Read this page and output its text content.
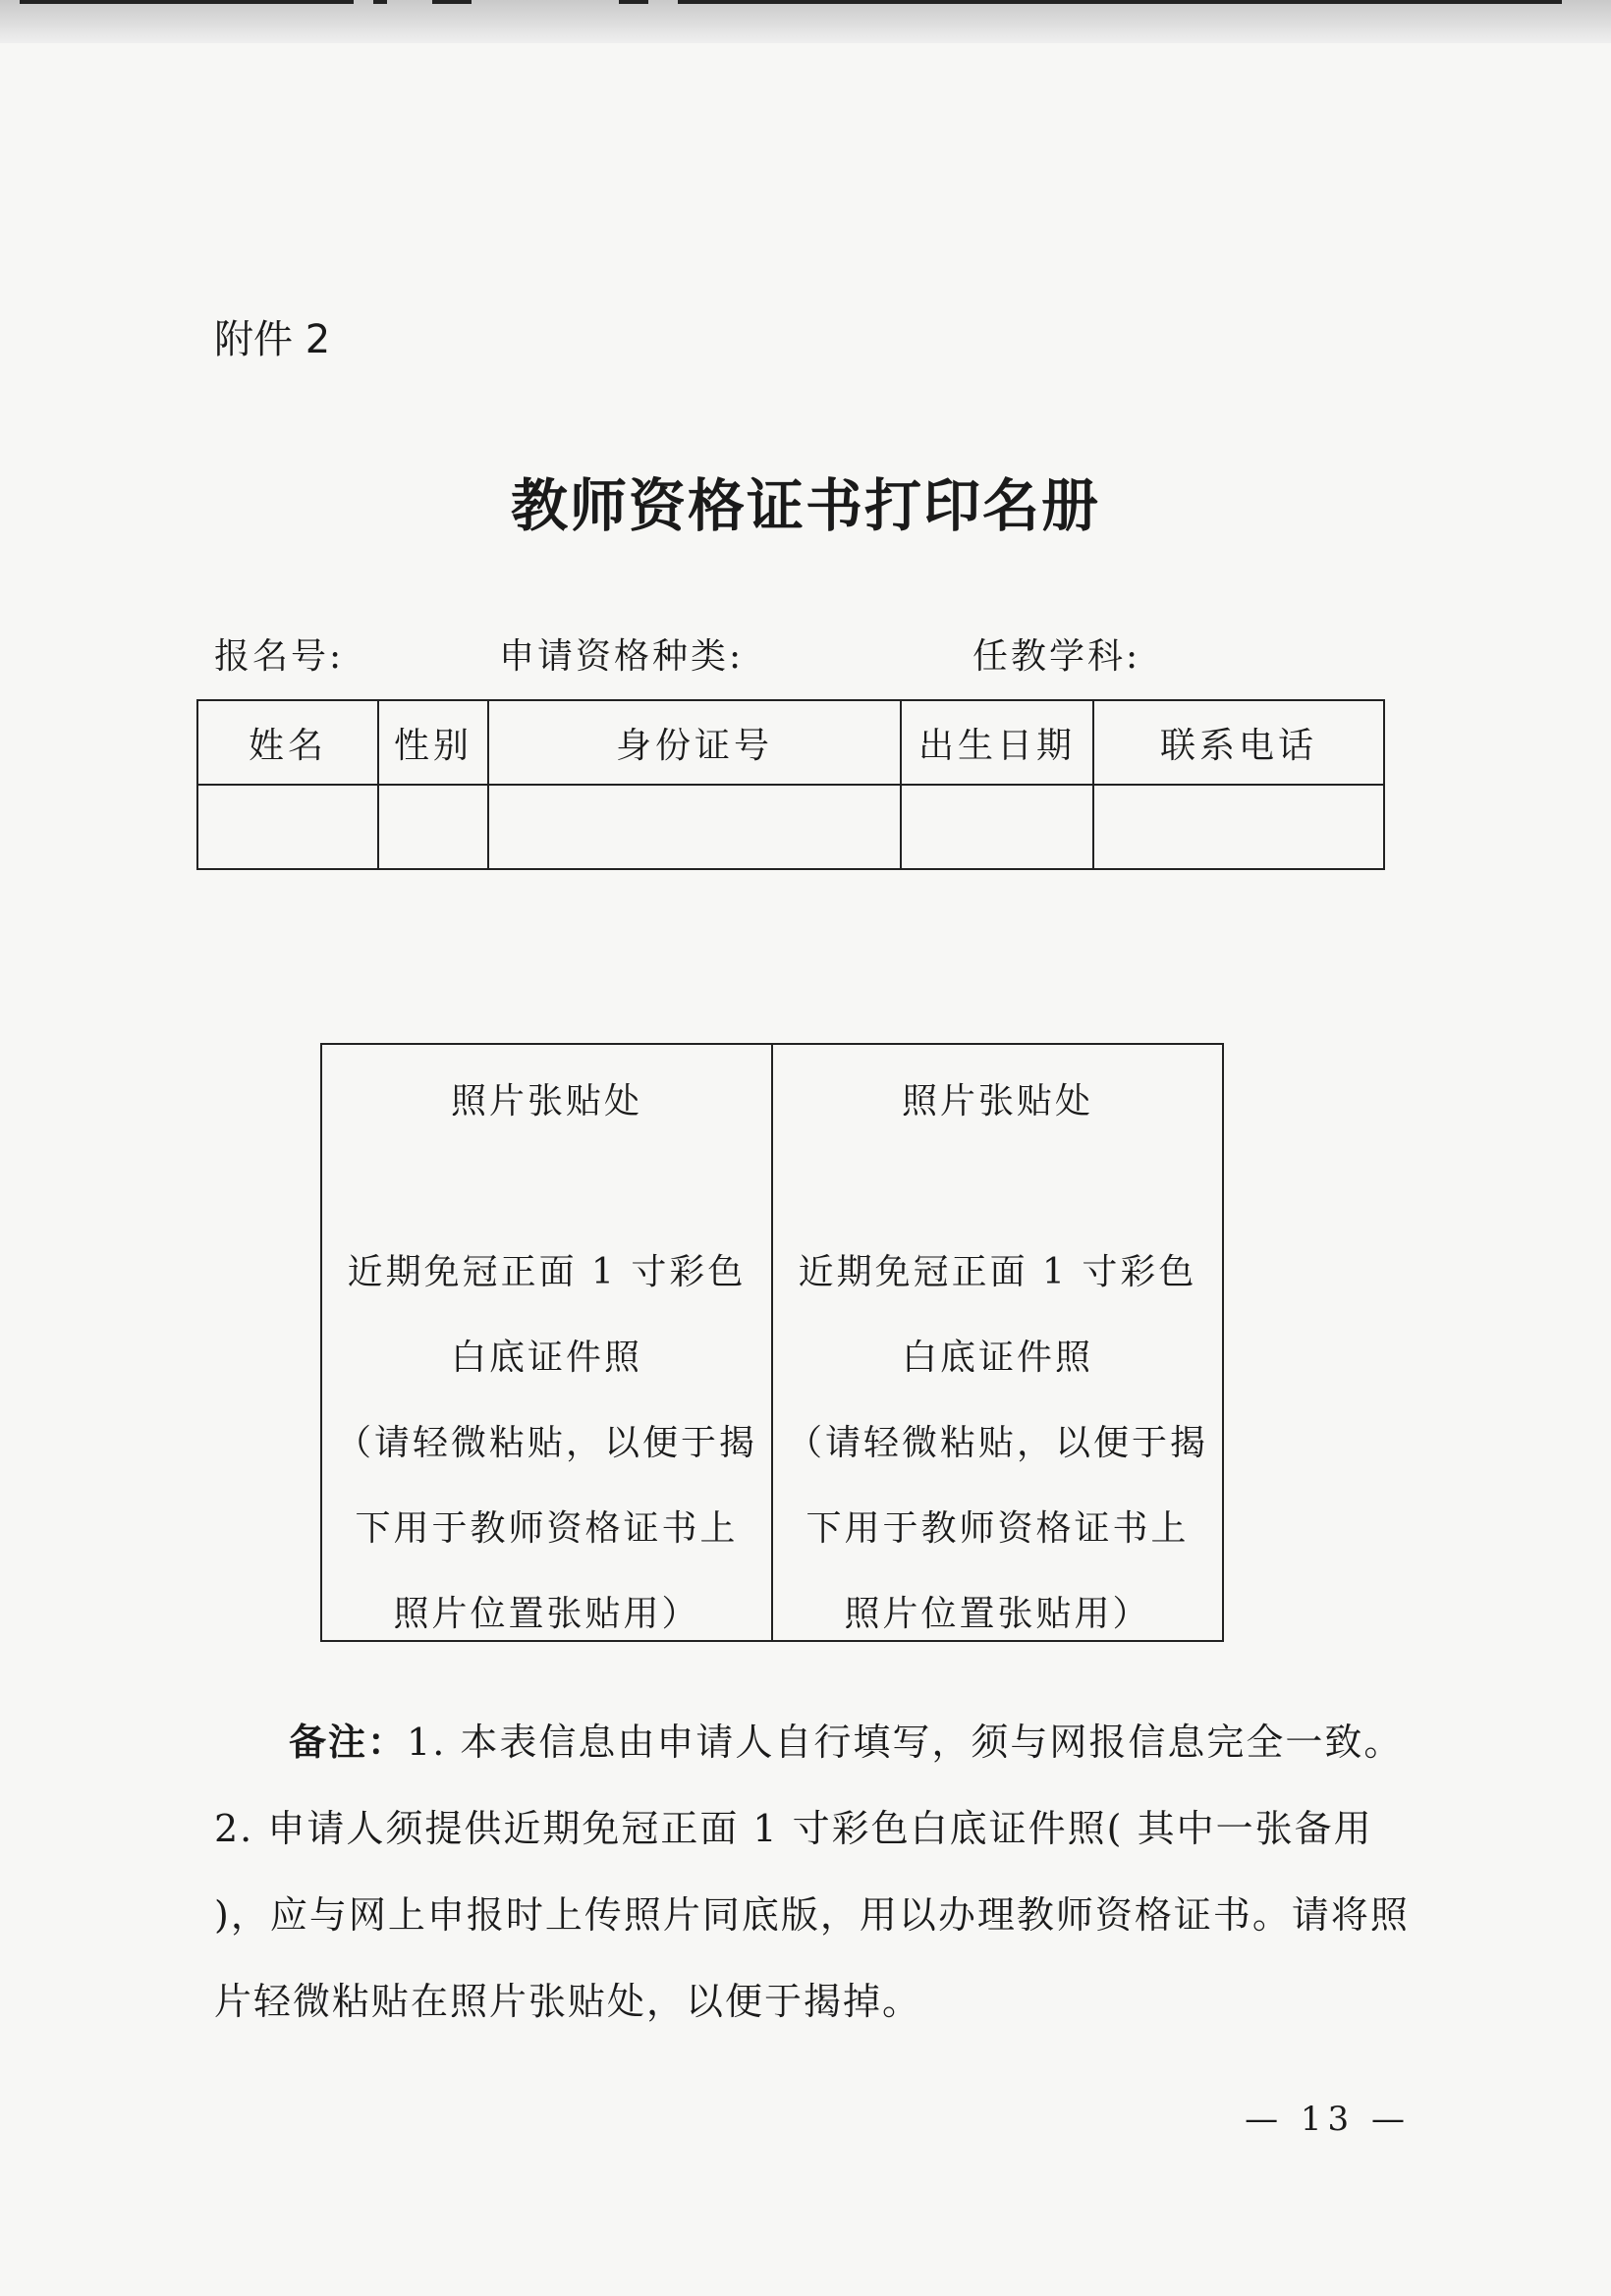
附件 2
教师资格证书打印名册
报名号:	申请资格种类:	任教学科:
姓名	性别	身份证号	出生日期	联系电话

照片张贴处
近期免冠正面 1 寸彩色
白底证件照
（请轻微粘贴，以便于揭
下用于教师资格证书上
照片位置张贴用）
照片张贴处
近期免冠正面 1 寸彩色
白底证件照
（请轻微粘贴，以便于揭
下用于教师资格证书上
照片位置张贴用）
备注：1. 本表信息由申请人自行填写，须与网报信息完全一致。
2. 申请人须提供近期免冠正面 1 寸彩色白底证件照( 其中一张备用 )，应与网上申报时上传照片同底版，用以办理教师资格证书。请将照片轻微粘贴在照片张贴处，以便于揭掉。
— 13 —
